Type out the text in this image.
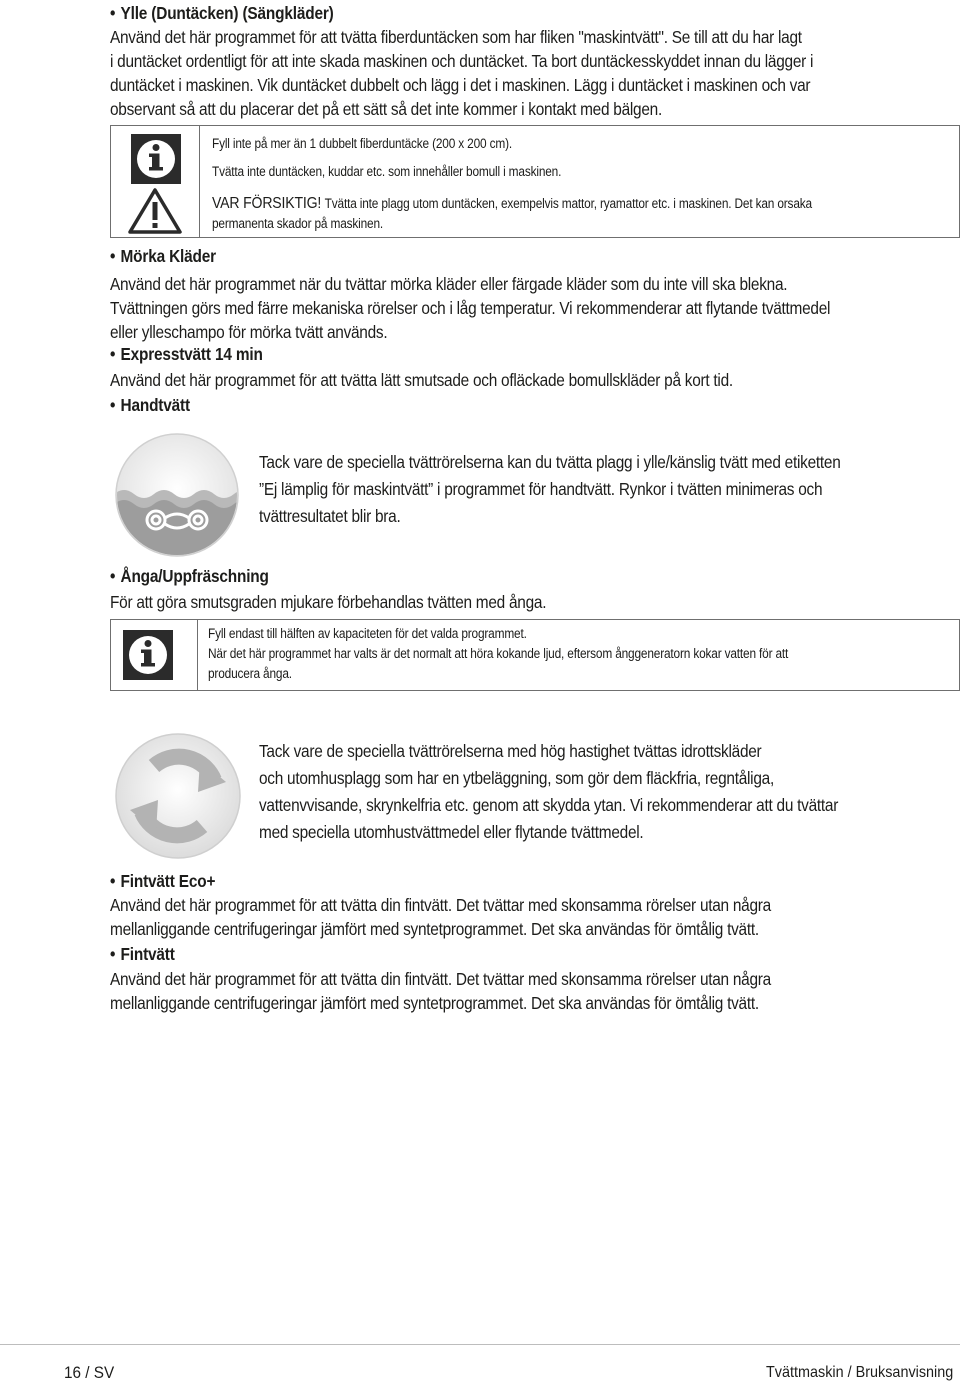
• Ylle (Duntäcken) (Sängkläder)
Använd det här programmet för att tvätta fiberduntäcken som har fliken "maskintvätt". Se till att du har lagt
i duntäcket ordentligt för att inte skada maskinen och duntäcket. Ta bort duntäckesskyddet innan du lägger i
duntäcket i maskinen. Vik duntäcket dubbelt och lägg i det i maskinen. Lägg i duntäcket i maskinen och var
observant så att du placerar det på ett sätt så det inte kommer i kontakt med bälgen.
Fyll inte på mer än 1 dubbelt fiberduntäcke (200 x 200 cm).
Tvätta inte duntäcken, kuddar etc. som innehåller bomull i maskinen.
VAR FÖRSIKTIG! Tvätta inte plagg utom duntäcken, exempelvis mattor, ryamattor etc. i maskinen. Det kan orsaka
permanenta skador på maskinen.
• Mörka Kläder
Använd det här programmet när du tvättar mörka kläder eller färgade kläder som du inte vill ska blekna.
Tvättningen görs med färre mekaniska rörelser och i låg temperatur. Vi rekommenderar att flytande tvättmedel
eller ylleschampo för mörka tvätt används.
• Expresstvätt 14 min
Använd det här programmet för att tvätta lätt smutsade och ofläckade bomullskläder på kort tid.
• Handtvätt
Tack vare de speciella tvättrörelserna kan du tvätta plagg i ylle/känslig tvätt med etiketten
”Ej lämplig för maskintvätt” i programmet för handtvätt. Rynkor i tvätten minimeras och
tvättresultatet blir bra.
• Ånga/Uppfräschning
För att göra smutsgraden mjukare förbehandlas tvätten med ånga.
Fyll endast till hälften av kapaciteten för det valda programmet.
När det här programmet har valts är det normalt att höra kokande ljud, eftersom ånggeneratorn kokar vatten för att
producera ånga.
Tack vare de speciella tvättrörelserna med hög hastighet tvättas idrottskläder
och utomhusplagg som har en ytbeläggning, som gör dem fläckfria, regntåliga,
vattenvvisande, skrynkelfria etc. genom att skydda ytan. Vi rekommenderar att du tvättar
med speciella utomhustvättmedel eller flytande tvättmedel.
• Fintvätt Eco+
Använd det här programmet för att tvätta din fintvätt. Det tvättar med skonsamma rörelser utan några
mellanliggande centrifugeringar jämfört med syntetprogrammet. Det ska användas för ömtålig tvätt.
• Fintvätt
Använd det här programmet för att tvätta din fintvätt. Det tvättar med skonsamma rörelser utan några
mellanliggande centrifugeringar jämfört med syntetprogrammet. Det ska användas för ömtålig tvätt.
16 / SV	Tvättmaskin / Bruksanvisning
